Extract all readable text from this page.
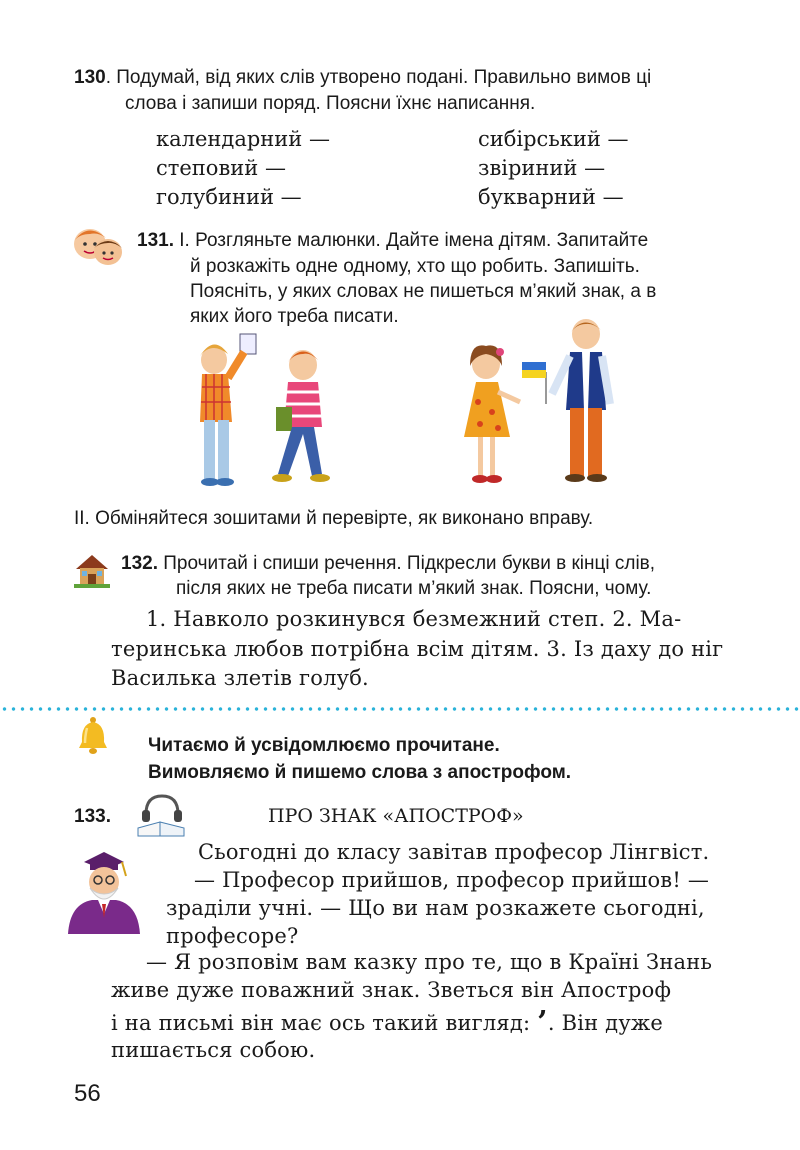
130. Подумай, від яких слів утворено подані. Правильно вимов ці
слова і запиши поряд. Поясни їхнє написання.
календарний —
степовий —
голубиний —
сибірський —
звіриний —
букварний —
131. І. Розгляньте малюнки. Дайте імена дітям. Запитайте
й розкажіть одне одному, хто що робить. Запишіть.
Поясніть, у яких словах не пишеться м’який знак, а в
яких його треба писати.
ІІ. Обміняйтеся зошитами й перевірте, як виконано вправу.
132. Прочитай і спиши речення. Підкресли букви в кінці слів,
після яких не треба писати м’який знак. Поясни, чому.
1. Навколо розкинувся безмежний степ. 2. Ма-
теринська любов потрібна всім дітям. 3. Із даху до ніг
Василька злетів голуб.
Читаємо й усвідомлюємо прочитане.
Вимовляємо й пишемо слова з апострофом.
133.	ПРО ЗНАК «АПОСТРОФ»
Сьогодні до класу завітав професор Лінгвіст.
— Професор прийшов, професор прийшов! —
зраділи учні. — Що ви нам розкажете сьогодні,
професоре?
— Я розповім вам казку про те, що в Країні Знань
живе дуже поважний знак. Зветься він Апостроф
і на письмі він має ось такий вигляд: ’. Він дуже
пишається собою.
56
